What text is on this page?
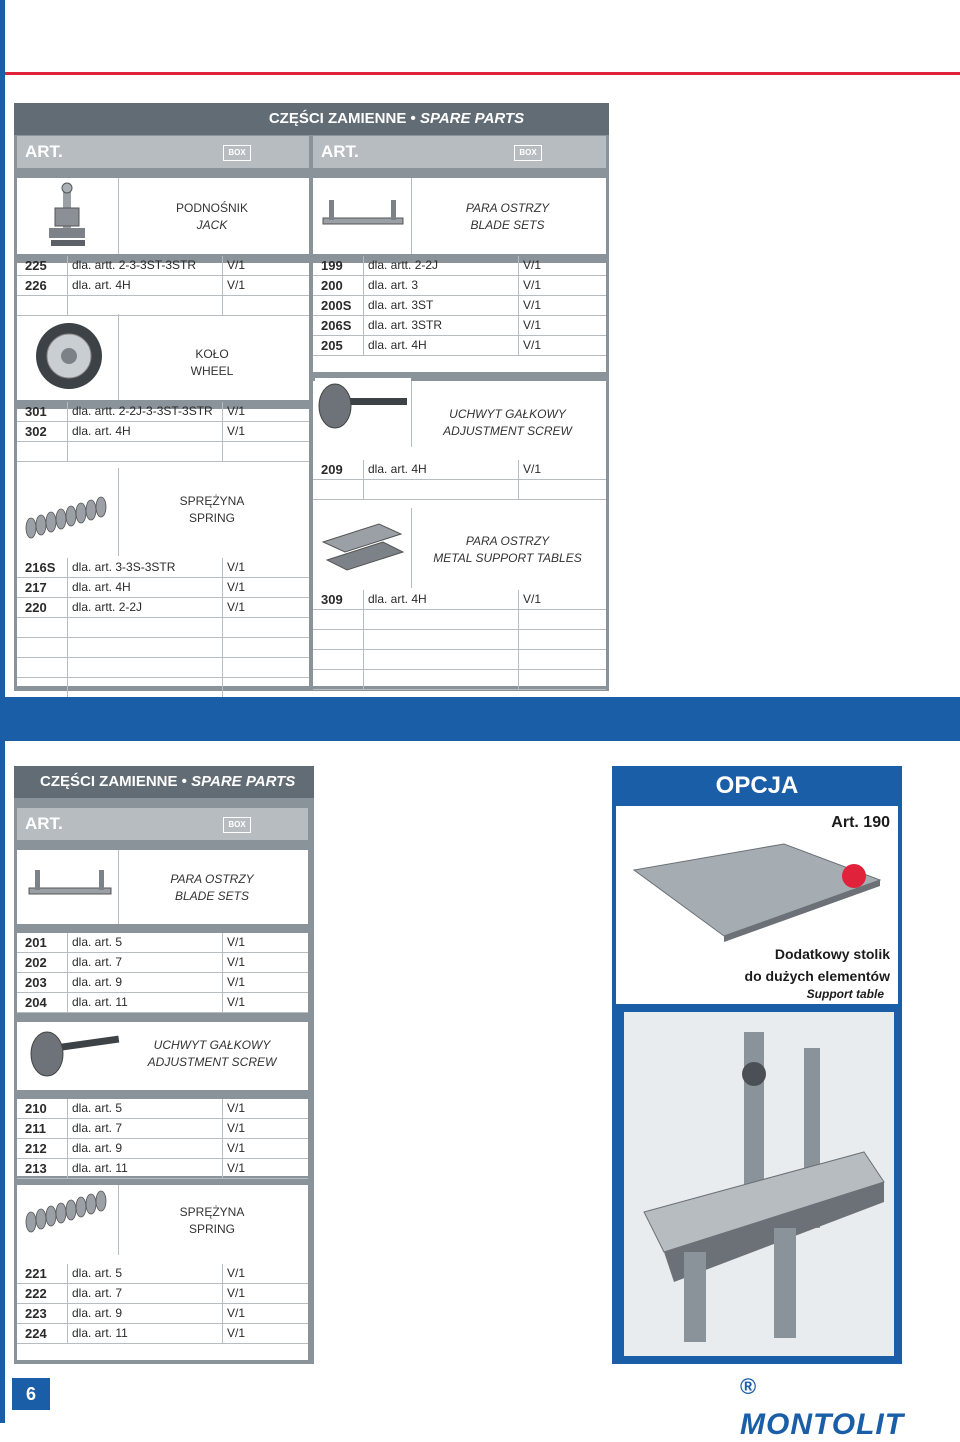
CZĘŚCI ZAMIENNE • SPARE PARTS
ART.	BOX	ART.	BOX
PODNOŚNIK
JACK
KOŁO
WHEEL
SPRĘŻYNA
SPRING
225	dla. artt. 2-3-3ST-3STR	V/1
226	dla. art. 4H	V/1
301	dla. artt. 2-2J-3-3ST-3STR	V/1
302	dla. art. 4H	V/1
216S	dla. art. 3-3S-3STR	V/1
217	dla. art. 4H	V/1
220	dla. artt. 2-2J	V/1
PARA OSTRZY
BLADE SETS
UCHWYT GAŁKOWY
ADJUSTMENT SCREW
PARA OSTRZY
METAL SUPPORT TABLES
199	dla. artt. 2-2J	V/1
200	dla. art. 3	V/1
200S	dla. art. 3ST	V/1
206S	dla. art. 3STR	V/1
205	dla. art. 4H	V/1
209	dla. art. 4H	V/1
309	dla. art. 4H	V/1
CZĘŚCI ZAMIENNE • SPARE PARTS
ART.	BOX
PARA OSTRZY
BLADE SETS
UCHWYT GAŁKOWY
ADJUSTMENT SCREW
SPRĘŻYNA
SPRING
201	dla. art. 5	V/1
202	dla. art. 7	V/1
203	dla. art. 9	V/1
204	dla. art. 11	V/1
210	dla. art. 5	V/1
211	dla. art. 7	V/1
212	dla. art. 9	V/1
213	dla. art. 11	V/1
221	dla. art. 5	V/1
222	dla. art. 7	V/1
223	dla. art. 9	V/1
224	dla. art. 11	V/1
OPCJA
Art. 190
Dodatkowy stolik
do dużych elementów
Support table
6	® MONTOLIT
